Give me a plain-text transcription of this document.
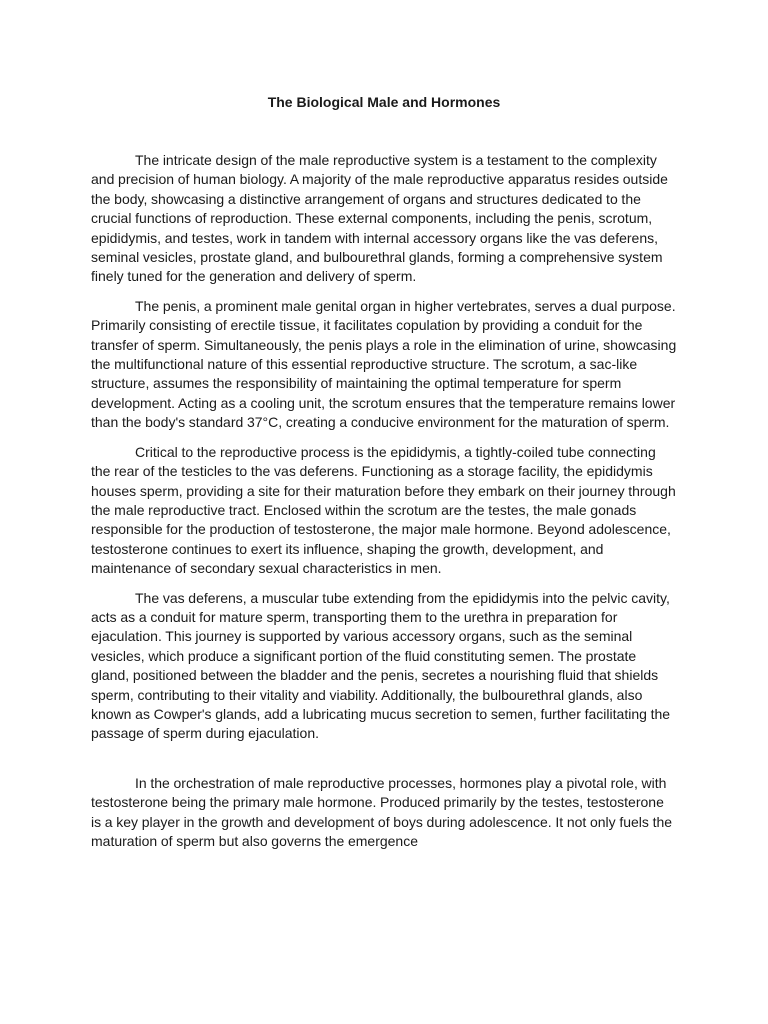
The Biological Male and Hormones

The intricate design of the male reproductive system is a testament to the complexity and precision of human biology. A majority of the male reproductive apparatus resides outside the body, showcasing a distinctive arrangement of organs and structures dedicated to the crucial functions of reproduction. These external components, including the penis, scrotum, epididymis, and testes, work in tandem with internal accessory organs like the vas deferens, seminal vesicles, prostate gland, and bulbourethral glands, forming a comprehensive system finely tuned for the generation and delivery of sperm.

The penis, a prominent male genital organ in higher vertebrates, serves a dual purpose. Primarily consisting of erectile tissue, it facilitates copulation by providing a conduit for the transfer of sperm. Simultaneously, the penis plays a role in the elimination of urine, showcasing the multifunctional nature of this essential reproductive structure. The scrotum, a sac-like structure, assumes the responsibility of maintaining the optimal temperature for sperm development. Acting as a cooling unit, the scrotum ensures that the temperature remains lower than the body's standard 37°C, creating a conducive environment for the maturation of sperm.

Critical to the reproductive process is the epididymis, a tightly-coiled tube connecting the rear of the testicles to the vas deferens. Functioning as a storage facility, the epididymis houses sperm, providing a site for their maturation before they embark on their journey through the male reproductive tract. Enclosed within the scrotum are the testes, the male gonads responsible for the production of testosterone, the major male hormone. Beyond adolescence, testosterone continues to exert its influence, shaping the growth, development, and maintenance of secondary sexual characteristics in men.

The vas deferens, a muscular tube extending from the epididymis into the pelvic cavity, acts as a conduit for mature sperm, transporting them to the urethra in preparation for ejaculation. This journey is supported by various accessory organs, such as the seminal vesicles, which produce a significant portion of the fluid constituting semen. The prostate gland, positioned between the bladder and the penis, secretes a nourishing fluid that shields sperm, contributing to their vitality and viability. Additionally, the bulbourethral glands, also known as Cowper's glands, add a lubricating mucus secretion to semen, further facilitating the passage of sperm during ejaculation.

In the orchestration of male reproductive processes, hormones play a pivotal role, with testosterone being the primary male hormone. Produced primarily by the testes, testosterone is a key player in the growth and development of boys during adolescence. It not only fuels the maturation of sperm but also governs the emergence
